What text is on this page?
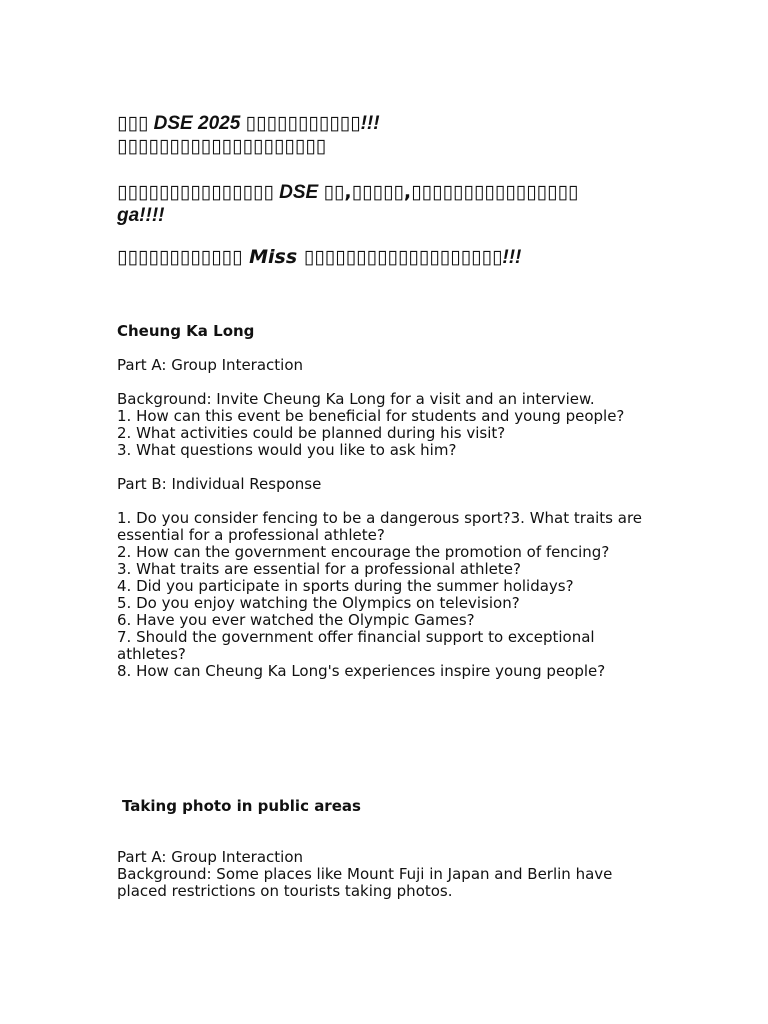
▯▯▯ DSE 2025 ▯▯▯▯▯▯▯▯▯▯▯!!!

▯▯▯▯▯▯▯▯▯▯▯▯▯▯▯▯▯▯▯▯

▯▯▯▯▯▯▯▯▯▯▯▯▯▯▯ DSE ▯▯,▯▯▯▯▯,▯▯▯▯▯▯▯▯▯▯▯▯▯▯▯▯
ga!!!!

▯▯▯▯▯▯▯▯▯▯▯▯ Miss ▯▯▯▯▯▯▯▯▯▯▯▯▯▯▯▯▯▯▯!!!

Cheung Ka Long

Part A: Group Interaction

Background: Invite Cheung Ka Long for a visit and an interview.

1. How can this event be beneficial for students and young people?
2. What activities could be planned during his visit?
3. What questions would you like to ask him?

Part B: Individual Response

1. Do you consider fencing to be a dangerous sport?3. What traits are essential for a professional athlete?
2. How can the government encourage the promotion of fencing?
3. What traits are essential for a professional athlete?
4. Did you participate in sports during the summer holidays?
5. Do you enjoy watching the Olympics on television?
6. Have you ever watched the Olympic Games?
7. Should the government offer financial support to exceptional athletes?
8. How can Cheung Ka Long's experiences inspire young people?

Taking photo in public areas

Part A: Group Interaction

Background: Some places like Mount Fuji in Japan and Berlin have placed restrictions on tourists taking photos.
